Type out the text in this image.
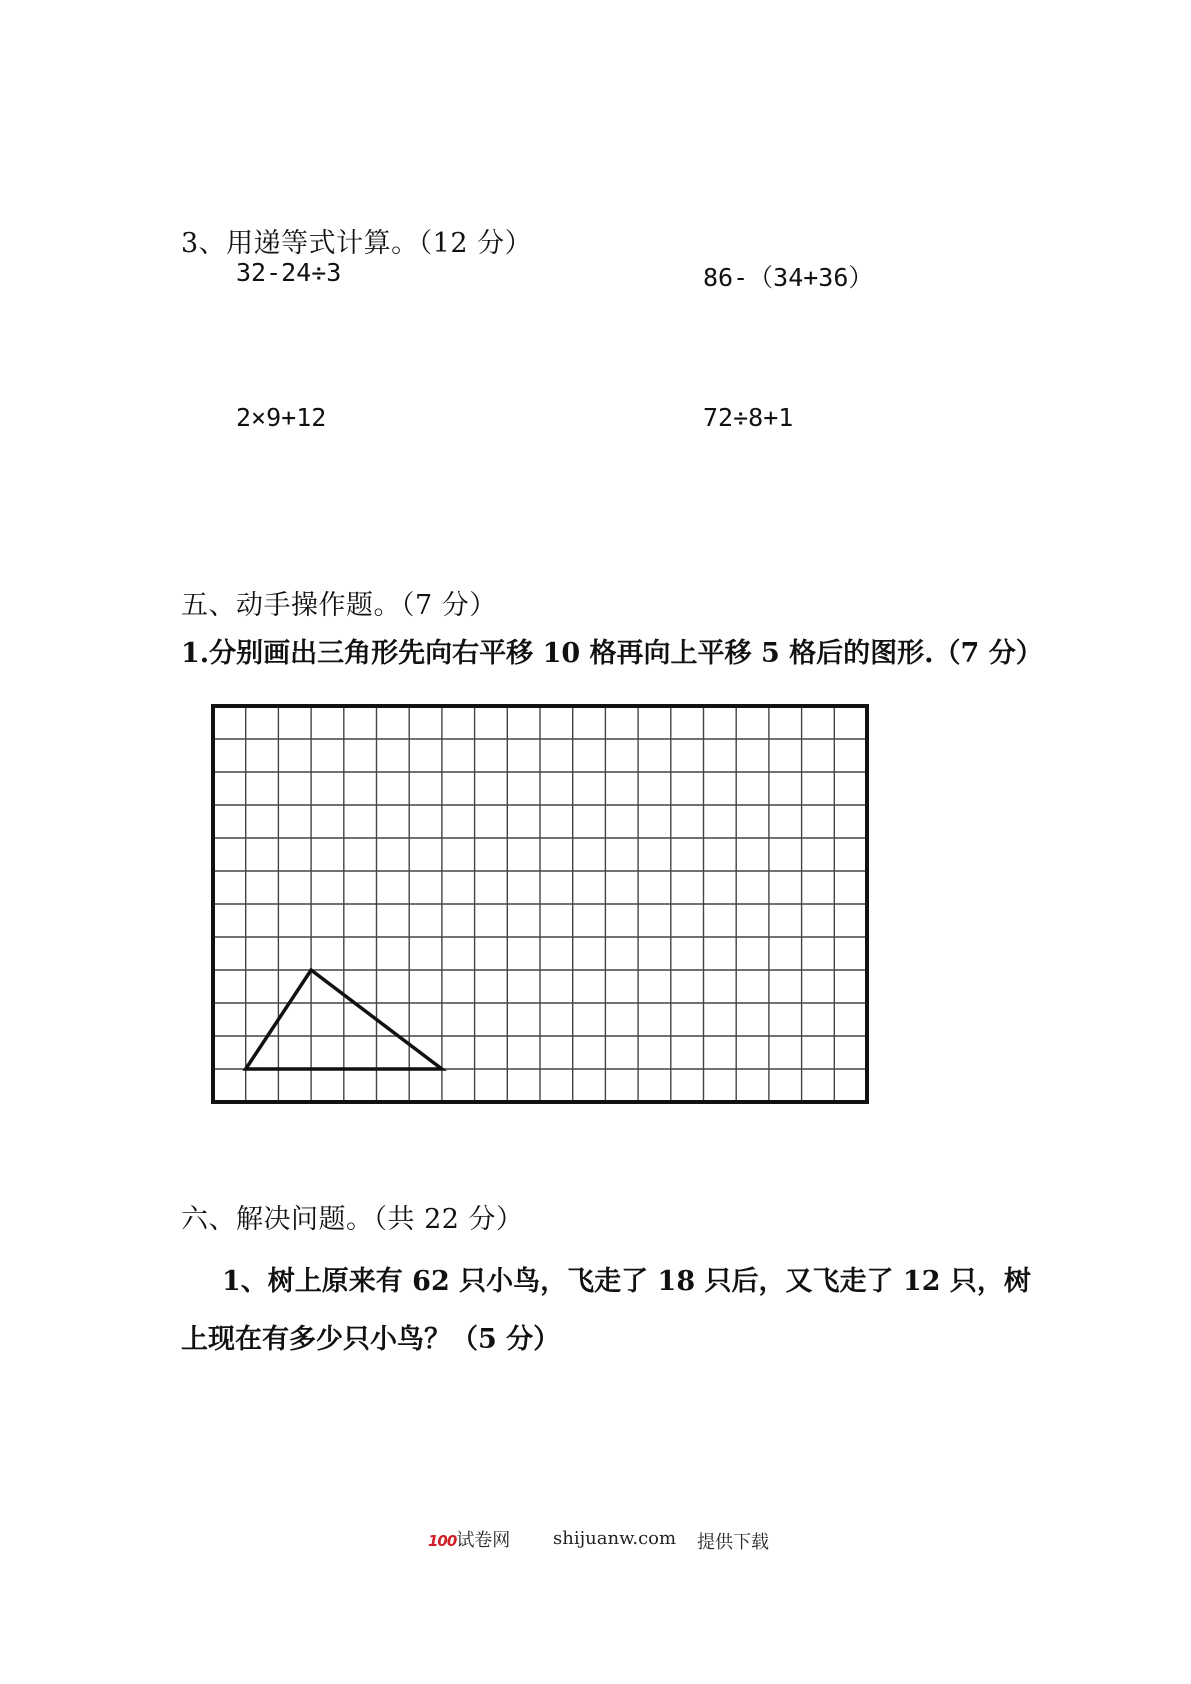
3、用递等式计算。（12 分）
32-24÷3	86-（34+36）
2×9+12	72÷8+1
五、动手操作题。（7 分）
1.分别画出三角形先向右平移 10 格再向上平移 5 格后的图形.（7 分）
六、解决问题。（共 22 分）
1、树上原来有 62 只小鸟，飞走了 18 只后，又飞走了 12 只，树
上现在有多少只小鸟？（5 分）
100 试卷网 shijuanw.com 提供下载
